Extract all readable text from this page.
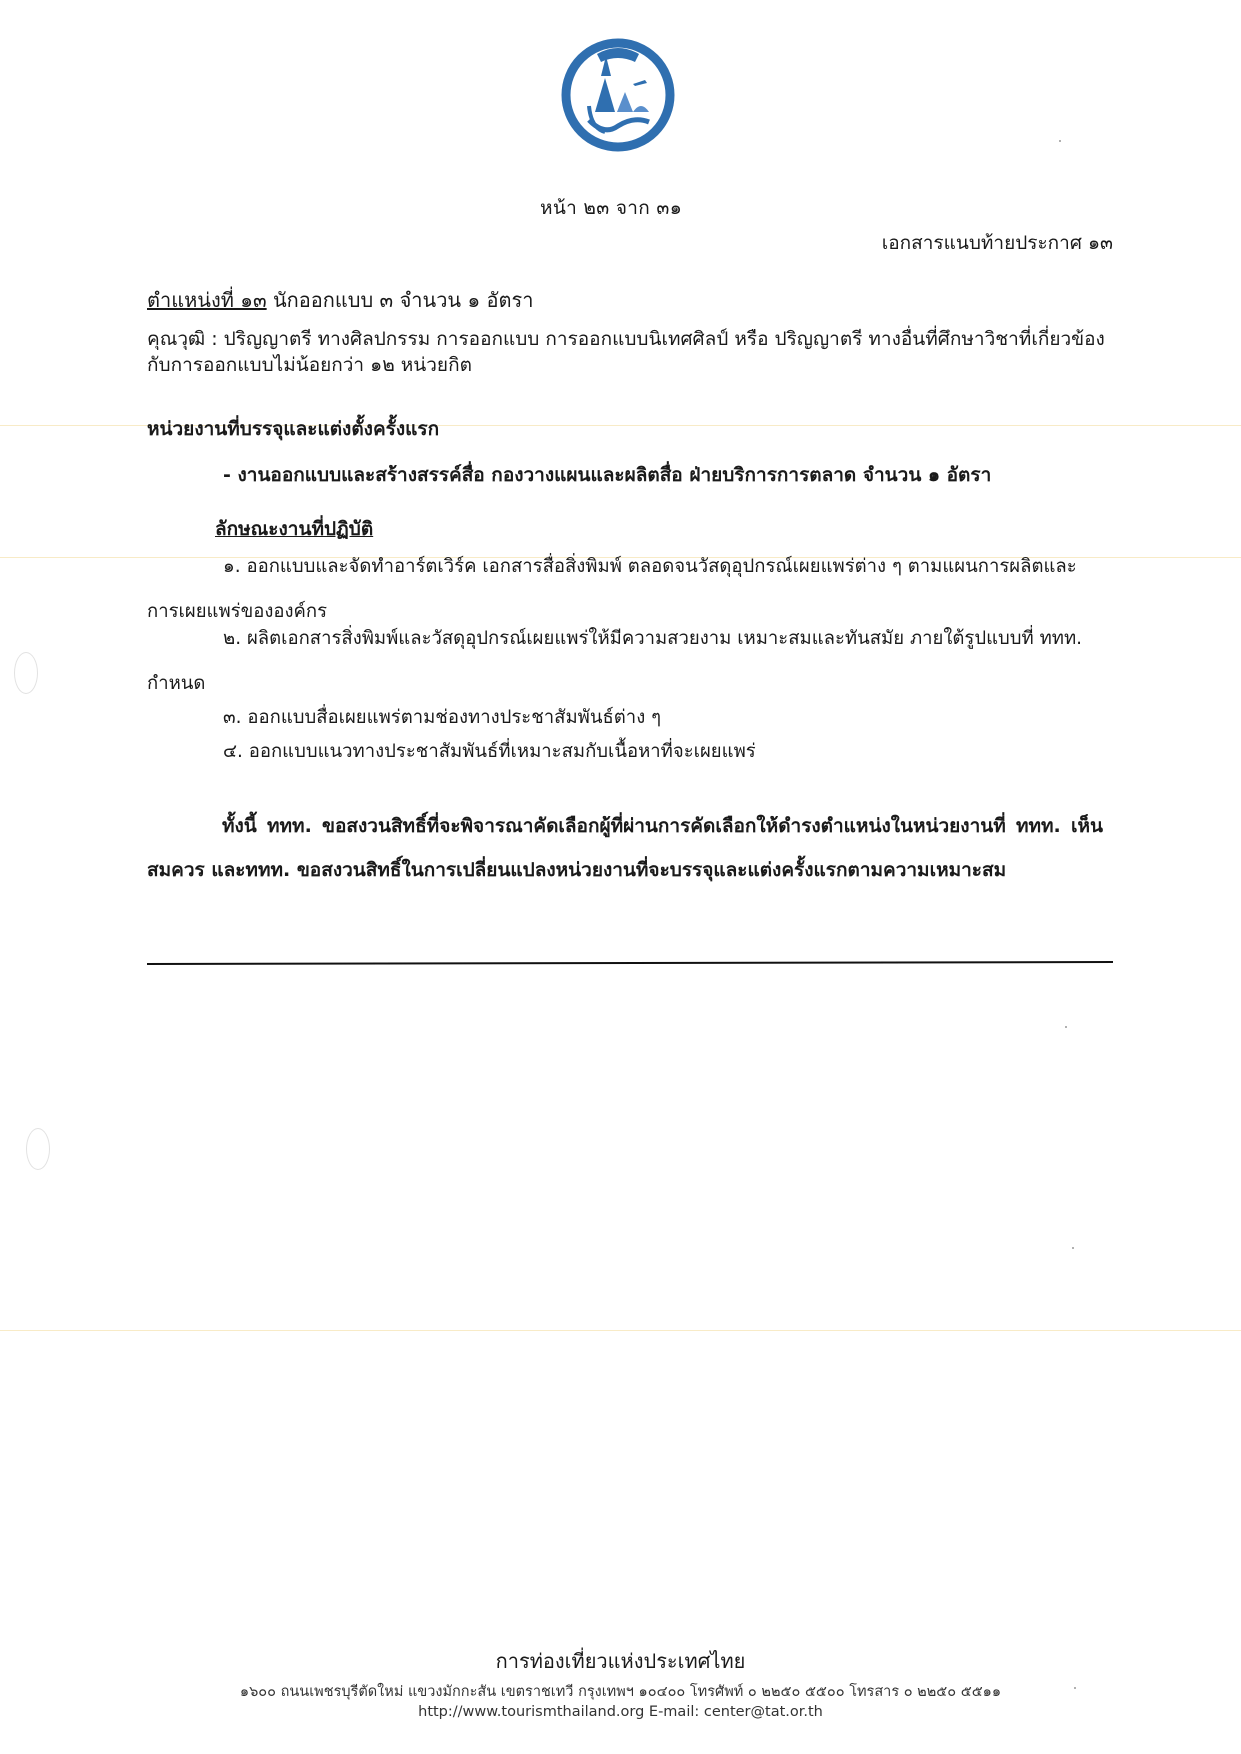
หน้า ๒๓ จาก ๓๑
เอกสารแนบท้ายประกาศ ๑๓
ตำแหน่งที่ ๑๓ นักออกแบบ ๓ จำนวน ๑ อัตรา
คุณวุฒิ : ปริญญาตรี ทางศิลปกรรม การออกแบบ การออกแบบนิเทศศิลป์ หรือ ปริญญาตรี ทางอื่นที่ศึกษาวิชาที่เกี่ยวข้องกับการออกแบบไม่น้อยกว่า ๑๒ หน่วยกิต
หน่วยงานที่บรรจุและแต่งตั้งครั้งแรก
- งานออกแบบและสร้างสรรค์สื่อ กองวางแผนและผลิตสื่อ ฝ่ายบริการการตลาด จำนวน ๑ อัตรา
ลักษณะงานที่ปฏิบัติ
๑. ออกแบบและจัดทำอาร์ตเวิร์ค เอกสารสื่อสิ่งพิมพ์ ตลอดจนวัสดุอุปกรณ์เผยแพร่ต่าง ๆ ตามแผนการผลิตและการเผยแพร่ขององค์กร
๒. ผลิตเอกสารสิ่งพิมพ์และวัสดุอุปกรณ์เผยแพร่ให้มีความสวยงาม เหมาะสมและทันสมัย ภายใต้รูปแบบที่ ททท. กำหนด
๓. ออกแบบสื่อเผยแพร่ตามช่องทางประชาสัมพันธ์ต่าง ๆ
๔. ออกแบบแนวทางประชาสัมพันธ์ที่เหมาะสมกับเนื้อหาที่จะเผยแพร่
ทั้งนี้ ททท. ขอสงวนสิทธิ์ที่จะพิจารณาคัดเลือกผู้ที่ผ่านการคัดเลือกให้ดำรงตำแหน่งในหน่วยงานที่ ททท. เห็นสมควร และททท. ขอสงวนสิทธิ์ในการเปลี่ยนแปลงหน่วยงานที่จะบรรจุและแต่งครั้งแรกตามความเหมาะสม
การท่องเที่ยวแห่งประเทศไทย
๑๖๐๐ ถนนเพชรบุรีตัดใหม่ แขวงมักกะสัน เขตราชเทวี กรุงเทพฯ ๑๐๔๐๐ โทรศัพท์ ๐ ๒๒๕๐ ๕๕๐๐ โทรสาร ๐ ๒๒๕๐ ๕๕๑๑
http://www.tourismthailand.org E-mail: center@tat.or.th
